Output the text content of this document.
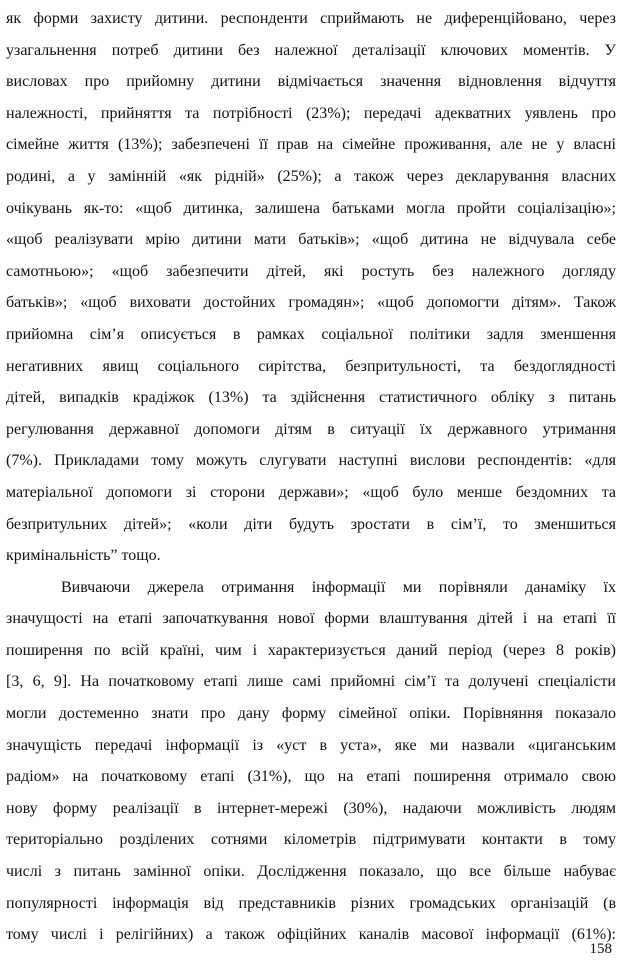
як форми захисту дитини. респонденти сприймають не диференційовано, через
узагальнення потреб дитини без належної деталізації ключових моментів. У
висловах про прийомну дитини відмічається значення відновлення відчуття
належності, прийняття та потрібності (23%); передачі адекватних уявлень про
сімейне життя (13%); забезпечені її прав на сімейне проживання, але не у власні
родині, а у замінній «як рідній» (25%); а також через декларування власних
очікувань як-то: «щоб дитинка, залишена батьками могла пройти соціалізацію»;
«щоб реалізувати мрію дитини мати батьків»; «щоб дитина не відчувала себе
самотньою»; «щоб забезпечити дітей, які ростуть без належного догляду
батьків»; «щоб виховати достойних громадян»; «щоб допомогти дітям». Також
прийомна сім’я описується в рамках соціальної політики задля зменшення
негативних явищ соціального сирітства, безпритульності, та бездоглядності
дітей, випадків крадіжок (13%) та здійснення статистичного обліку з питань
регулювання державної допомоги дітям в ситуації їх державного утримання
(7%). Прикладами тому можуть слугувати наступні вислови респондентів: «для
матеріальної допомоги зі сторони держави»; «щоб було менше бездомних та
безпритульних дітей»; «коли діти будуть зростати в сім’ї, то зменшиться
кримінальність” тощо.
Вивчаючи джерела отримання інформації ми порівняли данаміку їх
значущості на етапі започаткування нової форми влаштування дітей і на етапі її
поширення по всій країні, чим і характеризується даний період (через 8 років)
[3, 6, 9]. На початковому етапі лише самі прийомні сім’ї та долучені спеціалісти
могли достеменно знати про дану форму сімейної опіки. Порівняння показало
значущість передачі інформації із «уст в уста», яке ми назвали «циганським
радіом» на початковому етапі (31%), що на етапі поширення отримало свою
нову форму реалізації в інтернет-мережі (30%), надаючи можливість людям
територіально розділених сотнями кілометрів підтримувати контакти в тому
числі з питань замінної опіки. Дослідження показало, що все більше набуває
популярності інформація від представників різних громадських організацій (в
тому числі і релігійних) а також офіційних каналів масової інформації (61%):
158
